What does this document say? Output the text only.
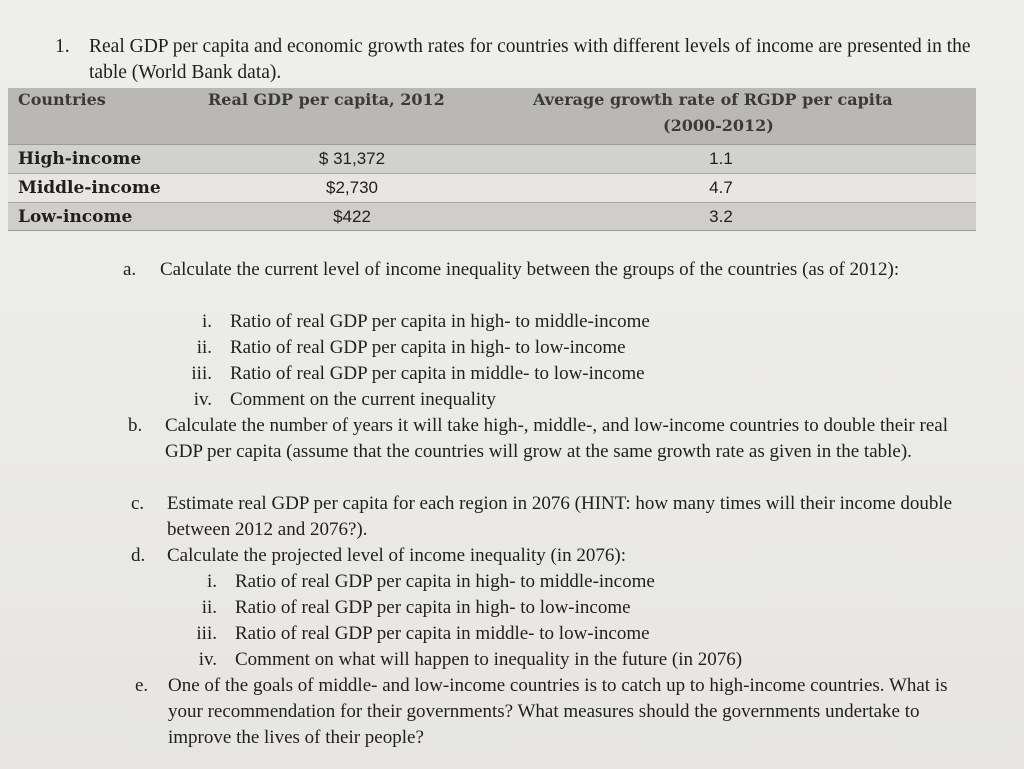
1. Real GDP per capita and economic growth rates for countries with different levels of income are presented in the table (World Bank data).
Countries	Real GDP per capita, 2012	Average growth rate of RGDP per capita
(2000-2012)
High-income	$ 31,372	1.1
Middle-income	$2,730	4.7
Low-income	$422	3.2
a. Calculate the current level of income inequality between the groups of the countries (as of 2012):
i. Ratio of real GDP per capita in high- to middle-income
ii. Ratio of real GDP per capita in high- to low-income
iii. Ratio of real GDP per capita in middle- to low-income
iv. Comment on the current inequality
b. Calculate the number of years it will take high-, middle-, and low-income countries to double their real GDP per capita (assume that the countries will grow at the same growth rate as given in the table).
c. Estimate real GDP per capita for each region in 2076 (HINT: how many times will their income double between 2012 and 2076?).
d. Calculate the projected level of income inequality (in 2076):
i. Ratio of real GDP per capita in high- to middle-income
ii. Ratio of real GDP per capita in high- to low-income
iii. Ratio of real GDP per capita in middle- to low-income
iv. Comment on what will happen to inequality in the future (in 2076)
e. One of the goals of middle- and low-income countries is to catch up to high-income countries. What is your recommendation for their governments? What measures should the governments undertake to improve the lives of their people?
